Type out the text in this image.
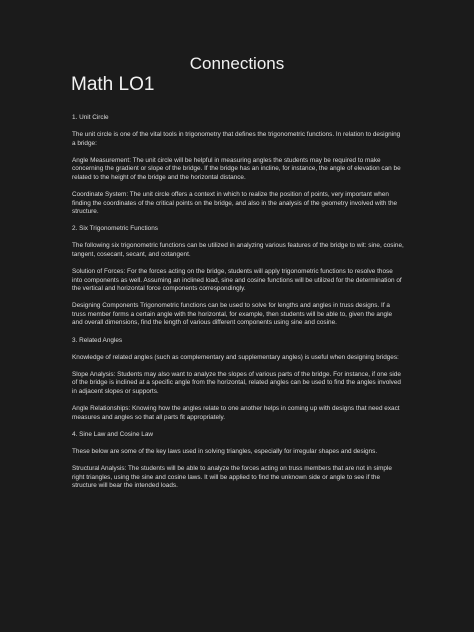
Connections
Math LO1

1. Unit Circle

The unit circle is one of the vital tools in trigonometry that defines the trigonometric functions. In relation to designing a bridge:

Angle Measurement: The unit circle will be helpful in measuring angles the students may be required to make concerning the gradient or slope of the bridge. If the bridge has an incline, for instance, the angle of elevation can be related to the height of the bridge and the horizontal distance.

Coordinate System: The unit circle offers a context in which to realize the position of points, very important when finding the coordinates of the critical points on the bridge, and also in the analysis of the geometry involved with the structure.

2. Six Trigonometric Functions

The following six trigonometric functions can be utilized in analyzing various features of the bridge to wit: sine, cosine, tangent, cosecant, secant, and cotangent.

Solution of Forces: For the forces acting on the bridge, students will apply trigonometric functions to resolve those into components as well. Assuming an inclined load, sine and cosine functions will be utilized for the determination of the vertical and horizontal force components correspondingly.

Designing Components Trigonometric functions can be used to solve for lengths and angles in truss designs. If a truss member forms a certain angle with the horizontal, for example, then students will be able to, given the angle and overall dimensions, find the length of various different components using sine and cosine.

3. Related Angles

Knowledge of related angles (such as complementary and supplementary angles) is useful when designing bridges:

Slope Analysis: Students may also want to analyze the slopes of various parts of the bridge. For instance, if one side of the bridge is inclined at a specific angle from the horizontal, related angles can be used to find the angles involved in adjacent slopes or supports.

Angle Relationships: Knowing how the angles relate to one another helps in coming up with designs that need exact measures and angles so that all parts fit appropriately.

4. Sine Law and Cosine Law

These below are some of the key laws used in solving triangles, especially for irregular shapes and designs.

Structural Analysis: The students will be able to analyze the forces acting on truss members that are not in simple right triangles, using the sine and cosine laws. It will be applied to find the unknown side or angle to see if the structure will bear the intended loads.
